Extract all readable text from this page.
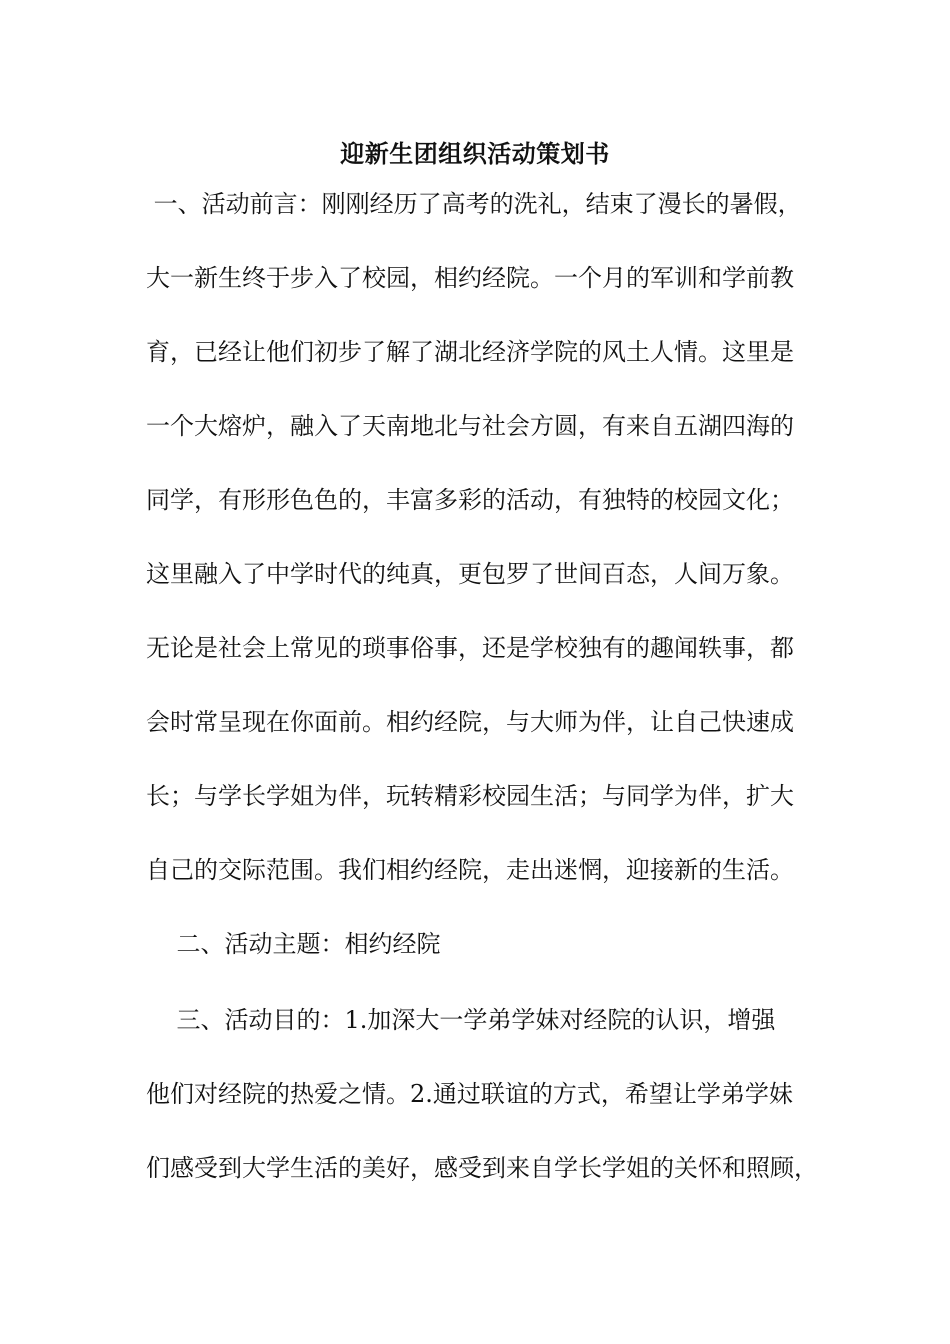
迎新生团组织活动策划书

一、活动前言：刚刚经历了高考的洗礼，结束了漫长的暑假，

大一新生终于步入了校园，相约经院。一个月的军训和学前教

育，已经让他们初步了解了湖北经济学院的风土人情。这里是

一个大熔炉，融入了天南地北与社会方圆，有来自五湖四海的

同学，有形形色色的，丰富多彩的活动，有独特的校园文化；

这里融入了中学时代的纯真，更包罗了世间百态，人间万象。

无论是社会上常见的琐事俗事，还是学校独有的趣闻轶事，都

会时常呈现在你面前。相约经院，与大师为伴，让自己快速成

长；与学长学姐为伴，玩转精彩校园生活；与同学为伴，扩大

自己的交际范围。我们相约经院，走出迷惘，迎接新的生活。

二、活动主题：相约经院

三、活动目的：1.加深大一学弟学妹对经院的认识，增强

他们对经院的热爱之情。2.通过联谊的方式，希望让学弟学妹

们感受到大学生活的美好，感受到来自学长学姐的关怀和照顾，
